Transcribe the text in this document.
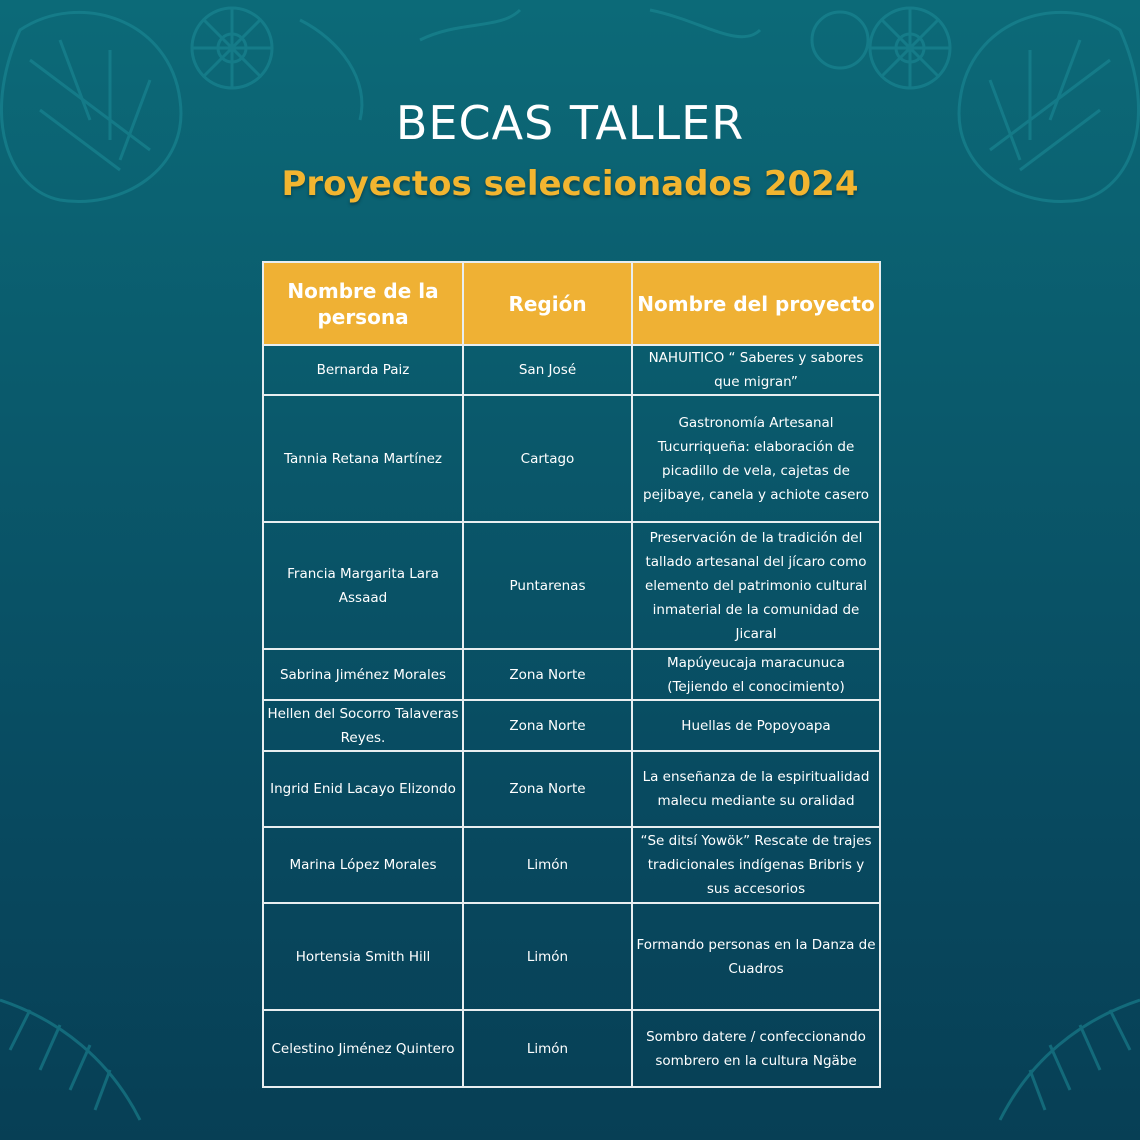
BECAS TALLER
Proyectos seleccionados 2024
Nombre de la persona	Región	Nombre del proyecto
Bernarda Paiz	San José	NAHUITICO “ Saberes y sabores que migran”
Tannia Retana Martínez	Cartago	Gastronomía Artesanal Tucurriqueña: elaboración de picadillo de vela, cajetas de pejibaye, canela y achiote casero
Francia Margarita Lara Assaad	Puntarenas	Preservación de la tradición del tallado artesanal del jícaro como elemento del patrimonio cultural inmaterial de la comunidad de Jicaral
Sabrina Jiménez Morales	Zona Norte	Mapúyeucaja maracunuca (Tejiendo el conocimiento)
Hellen del Socorro Talaveras Reyes.	Zona Norte	Huellas de Popoyoapa
Ingrid Enid Lacayo Elizondo	Zona Norte	La enseñanza de la espiritualidad malecu mediante su oralidad
Marina López Morales	Limón	“Se ditsí Yowök” Rescate de trajes tradicionales indígenas Bribris y sus accesorios
Hortensia Smith Hill	Limón	Formando personas en la Danza de Cuadros
Celestino Jiménez Quintero	Limón	Sombro datere / confeccionando sombrero en la cultura Ngäbe
